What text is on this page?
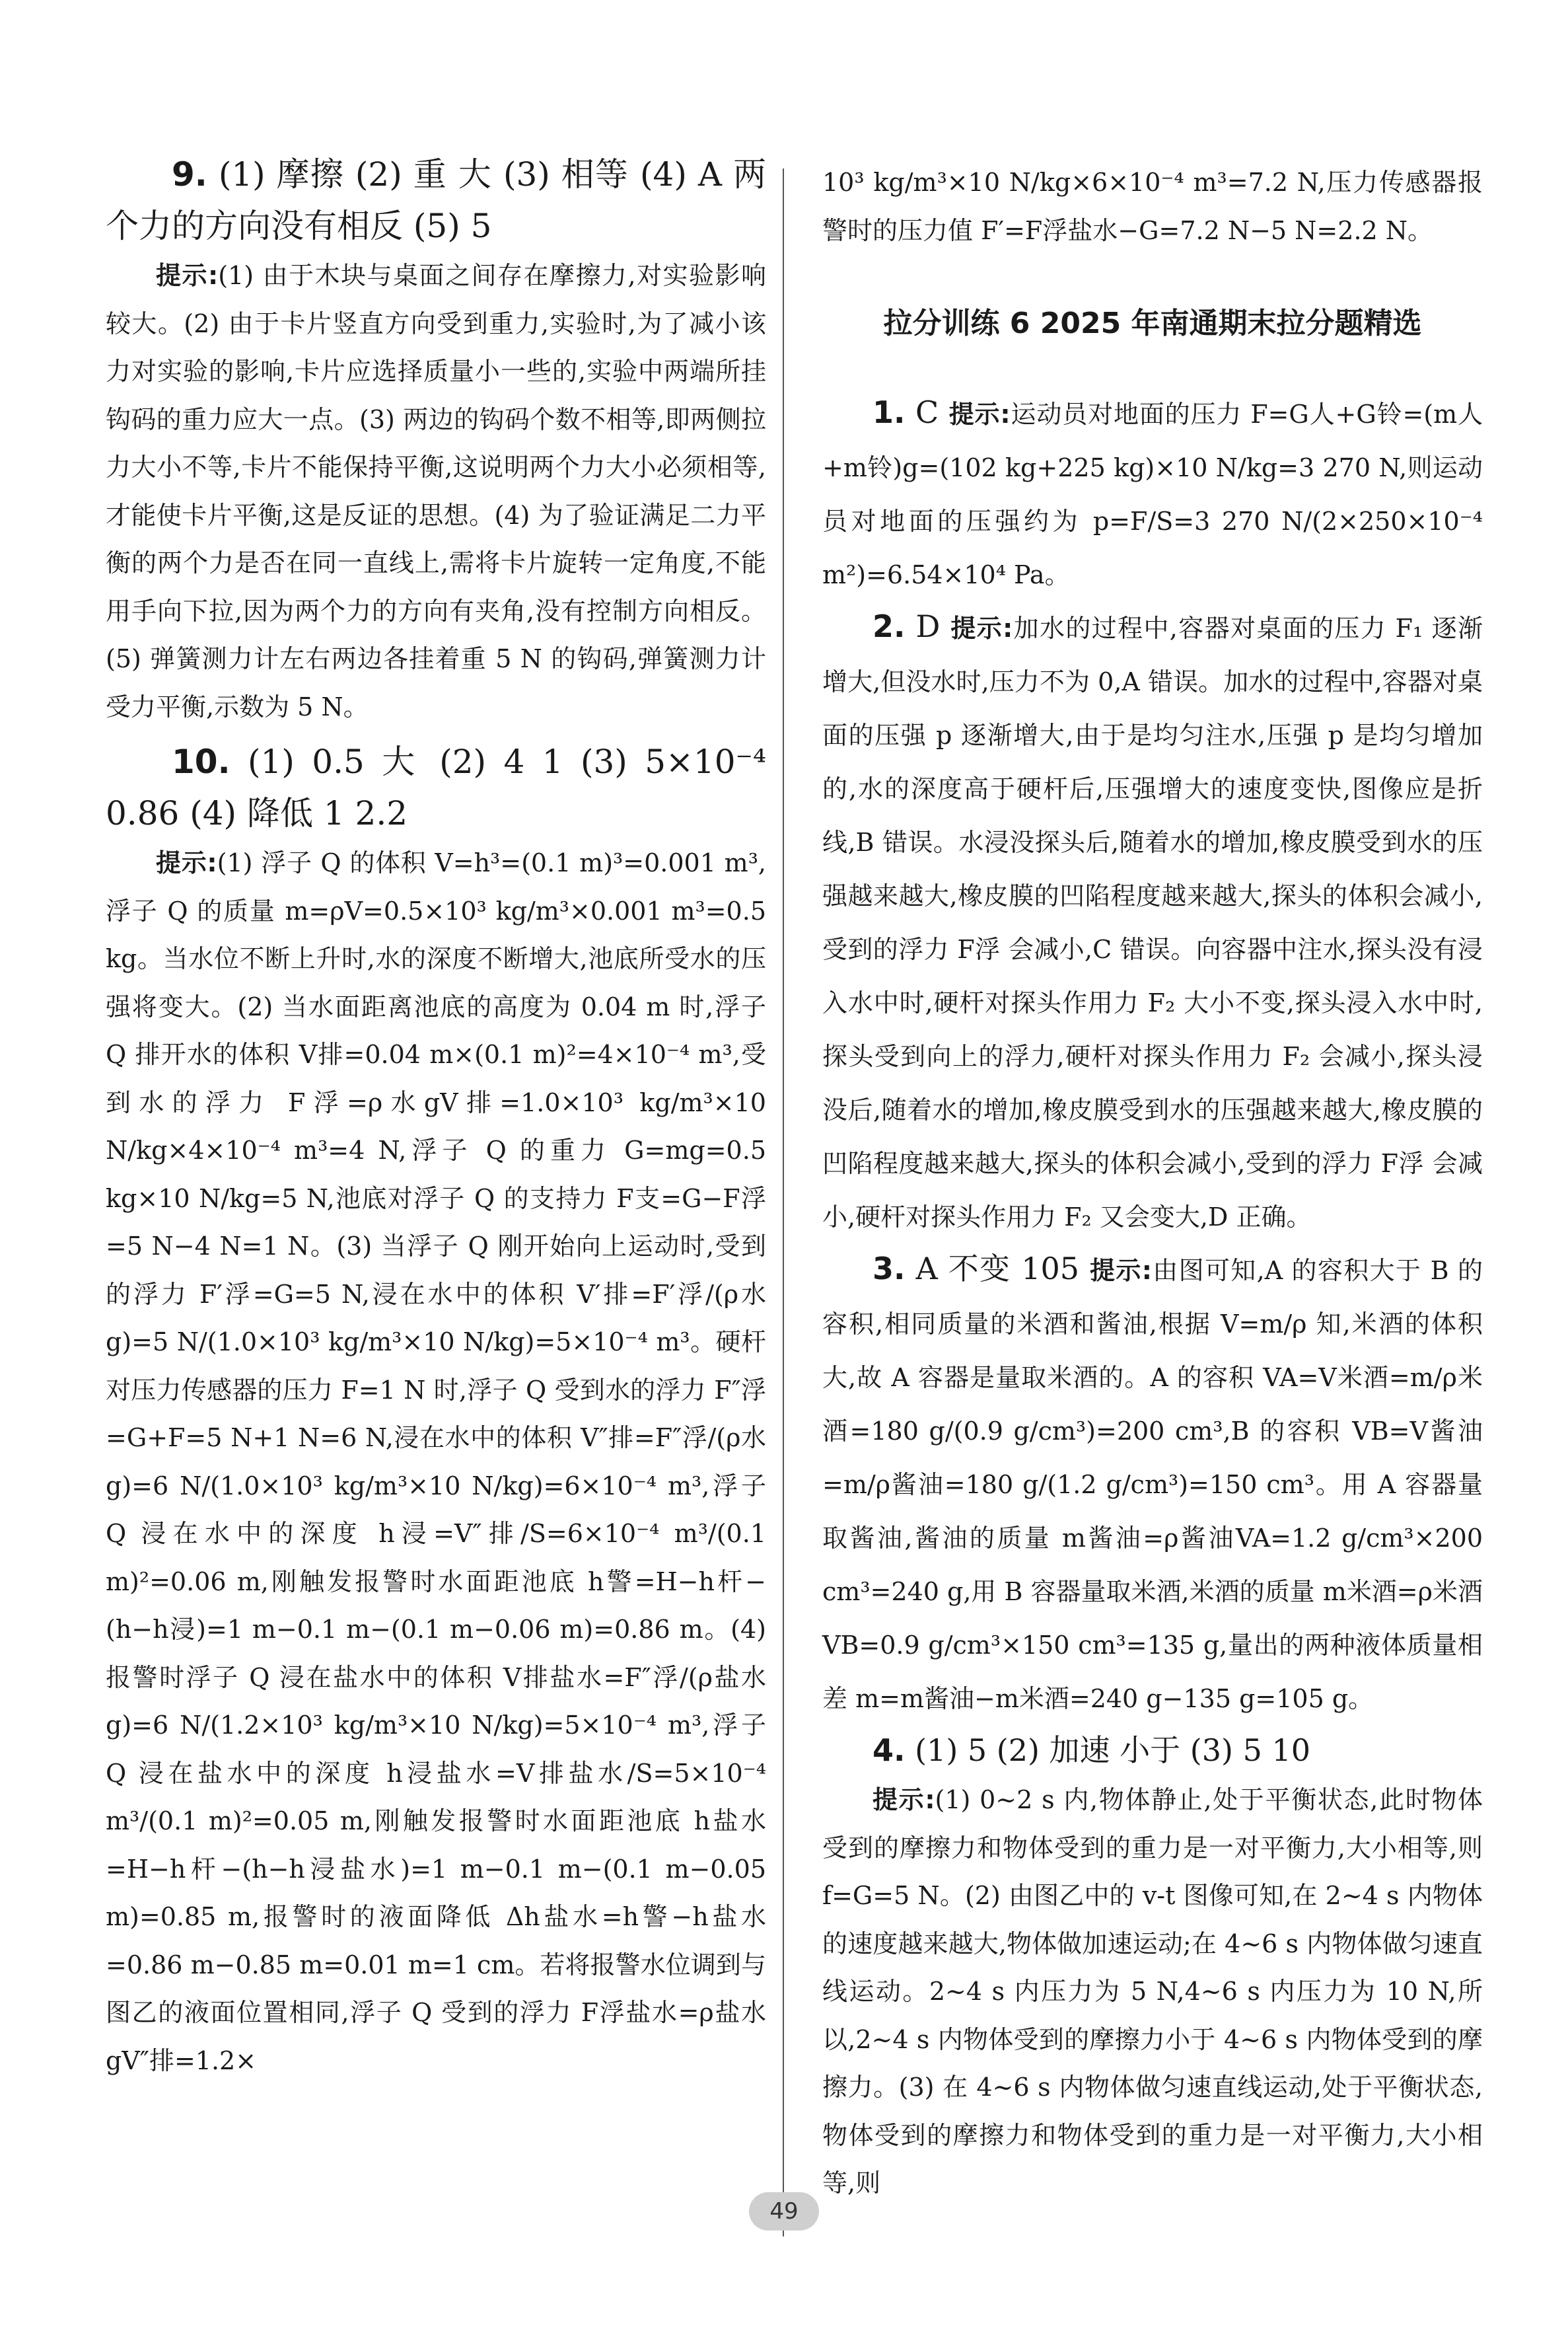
9. (1) 摩擦 (2) 重 大 (3) 相等 (4) A 两个力的方向没有相反 (5) 5

提示:(1) 由于木块与桌面之间存在摩擦力,对实验影响较大。(2) 由于卡片竖直方向受到重力,实验时,为了减小该力对实验的影响,卡片应选择质量小一些的,实验中两端所挂钩码的重力应大一点。(3) 两边的钩码个数不相等,即两侧拉力大小不等,卡片不能保持平衡,这说明两个力大小必须相等,才能使卡片平衡,这是反证的思想。(4) 为了验证满足二力平衡的两个力是否在同一直线上,需将卡片旋转一定角度,不能用手向下拉,因为两个力的方向有夹角,没有控制方向相反。(5) 弹簧测力计左右两边各挂着重 5 N 的钩码,弹簧测力计受力平衡,示数为 5 N。

10. (1) 0.5 大 (2) 4 1 (3) 5×10⁻⁴ 0.86 (4) 降低 1 2.2

提示:(1) 浮子 Q 的体积 V=h³=(0.1 m)³=0.001 m³,浮子 Q 的质量 m=ρV=0.5×10³ kg/m³×0.001 m³=0.5 kg。当水位不断上升时,水的深度不断增大,池底所受水的压强将变大。(2) 当水面距离池底的高度为 0.04 m 时,浮子 Q 排开水的体积 V排=0.04 m×(0.1 m)²=4×10⁻⁴ m³,受到水的浮力 F浮=ρ水gV排=1.0×10³ kg/m³×10 N/kg×4×10⁻⁴ m³=4 N,浮子 Q 的重力 G=mg=0.5 kg×10 N/kg=5 N,池底对浮子 Q 的支持力 F支=G−F浮=5 N−4 N=1 N。(3) 当浮子 Q 刚开始向上运动时,受到的浮力 F′浮=G=5 N,浸在水中的体积 V′排=F′浮/(ρ水g)=5 N/(1.0×10³ kg/m³×10 N/kg)=5×10⁻⁴ m³。硬杆对压力传感器的压力 F=1 N 时,浮子 Q 受到水的浮力 F″浮=G+F=5 N+1 N=6 N,浸在水中的体积 V″排=F″浮/(ρ水g)=6 N/(1.0×10³ kg/m³×10 N/kg)=6×10⁻⁴ m³,浮子 Q 浸在水中的深度 h浸=V″排/S=6×10⁻⁴ m³/(0.1 m)²=0.06 m,刚触发报警时水面距池底 h警=H−h杆−(h−h浸)=1 m−0.1 m−(0.1 m−0.06 m)=0.86 m。(4) 报警时浮子 Q 浸在盐水中的体积 V排盐水=F″浮/(ρ盐水g)=6 N/(1.2×10³ kg/m³×10 N/kg)=5×10⁻⁴ m³,浮子 Q 浸在盐水中的深度 h浸盐水=V排盐水/S=5×10⁻⁴ m³/(0.1 m)²=0.05 m,刚触发报警时水面距池底 h盐水=H−h杆−(h−h浸盐水)=1 m−0.1 m−(0.1 m−0.05 m)=0.85 m,报警时的液面降低 Δh盐水=h警−h盐水=0.86 m−0.85 m=0.01 m=1 cm。若将报警水位调到与图乙的液面位置相同,浮子 Q 受到的浮力 F浮盐水=ρ盐水gV″排=1.2×

10³ kg/m³×10 N/kg×6×10⁻⁴ m³=7.2 N,压力传感器报警时的压力值 F′=F浮盐水−G=7.2 N−5 N=2.2 N。

拉分训练 6 2025 年南通期末拉分题精选

1. C 提示:运动员对地面的压力 F=G人+G铃=(m人+m铃)g=(102 kg+225 kg)×10 N/kg=3 270 N,则运动员对地面的压强约为 p=F/S=3 270 N/(2×250×10⁻⁴ m²)=6.54×10⁴ Pa。

2. D 提示:加水的过程中,容器对桌面的压力 F₁ 逐渐增大,但没水时,压力不为 0,A 错误。加水的过程中,容器对桌面的压强 p 逐渐增大,由于是均匀注水,压强 p 是均匀增加的,水的深度高于硬杆后,压强增大的速度变快,图像应是折线,B 错误。水浸没探头后,随着水的增加,橡皮膜受到水的压强越来越大,橡皮膜的凹陷程度越来越大,探头的体积会减小,受到的浮力 F浮 会减小,C 错误。向容器中注水,探头没有浸入水中时,硬杆对探头作用力 F₂ 大小不变,探头浸入水中时,探头受到向上的浮力,硬杆对探头作用力 F₂ 会减小,探头浸没后,随着水的增加,橡皮膜受到水的压强越来越大,橡皮膜的凹陷程度越来越大,探头的体积会减小,受到的浮力 F浮 会减小,硬杆对探头作用力 F₂ 又会变大,D 正确。

3. A 不变 105 提示:由图可知,A 的容积大于 B 的容积,相同质量的米酒和酱油,根据 V=m/ρ 知,米酒的体积大,故 A 容器是量取米酒的。A 的容积 VA=V米酒=m/ρ米酒=180 g/(0.9 g/cm³)=200 cm³,B 的容积 VB=V酱油=m/ρ酱油=180 g/(1.2 g/cm³)=150 cm³。用 A 容器量取酱油,酱油的质量 m酱油=ρ酱油VA=1.2 g/cm³×200 cm³=240 g,用 B 容器量取米酒,米酒的质量 m米酒=ρ米酒VB=0.9 g/cm³×150 cm³=135 g,量出的两种液体质量相差 m=m酱油−m米酒=240 g−135 g=105 g。

4. (1) 5 (2) 加速 小于 (3) 5 10

提示:(1) 0~2 s 内,物体静止,处于平衡状态,此时物体受到的摩擦力和物体受到的重力是一对平衡力,大小相等,则 f=G=5 N。(2) 由图乙中的 v-t 图像可知,在 2~4 s 内物体的速度越来越大,物体做加速运动;在 4~6 s 内物体做匀速直线运动。2~4 s 内压力为 5 N,4~6 s 内压力为 10 N,所以,2~4 s 内物体受到的摩擦力小于 4~6 s 内物体受到的摩擦力。(3) 在 4~6 s 内物体做匀速直线运动,处于平衡状态,物体受到的摩擦力和物体受到的重力是一对平衡力,大小相等,则

49
